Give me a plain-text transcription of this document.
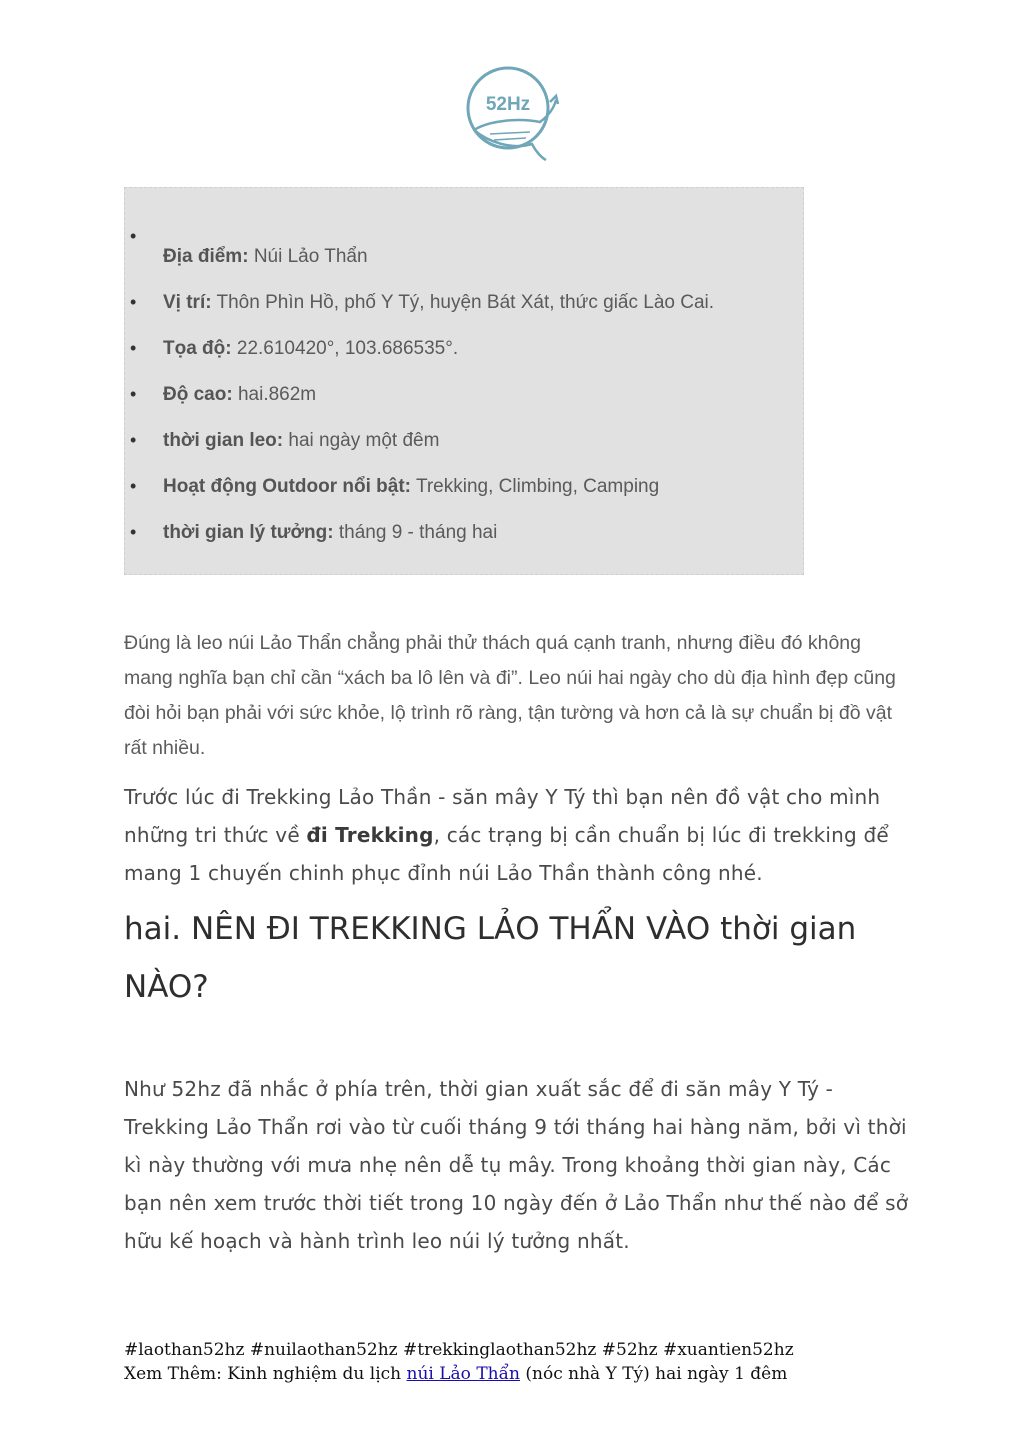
52Hz
•
Địa điểm: Núi Lảo Thẩn
• Vị trí: Thôn Phìn Hồ, phố Y Tý, huyện Bát Xát, thức giấc Lào Cai.
• Tọa độ: 22.610420°, 103.686535°.
• Độ cao: hai.862m
• thời gian leo: hai ngày một đêm
• Hoạt động Outdoor nổi bật: Trekking, Climbing, Camping
• thời gian lý tưởng: tháng 9 - tháng hai

Đúng là leo núi Lảo Thẩn chẳng phải thử thách quá cạnh tranh, nhưng điều đó không mang nghĩa bạn chỉ cần “xách ba lô lên và đi”. Leo núi hai ngày cho dù địa hình đẹp cũng đòi hỏi bạn phải với sức khỏe, lộ trình rõ ràng, tận tường và hơn cả là sự chuẩn bị đồ vật rất nhiều.

Trước lúc đi Trekking Lảo Thần - săn mây Y Tý thì bạn nên đồ vật cho mình những tri thức về đi Trekking, các trạng bị cần chuẩn bị lúc đi trekking để mang 1 chuyến chinh phục đỉnh núi Lảo Thần thành công nhé.

hai. NÊN ĐI TREKKING LẢO THẨN VÀO thời gian NÀO?

Như 52hz đã nhắc ở phía trên, thời gian xuất sắc để đi săn mây Y Tý - Trekking Lảo Thẩn rơi vào từ cuối tháng 9 tới tháng hai hàng năm, bởi vì thời kì này thường với mưa nhẹ nên dễ tụ mây. Trong khoảng thời gian này, Các bạn nên xem trước thời tiết trong 10 ngày đến ở Lảo Thẩn như thế nào để sở hữu kế hoạch và hành trình leo núi lý tưởng nhất.

#laothan52hz #nuilaothan52hz #trekkinglaothan52hz #52hz #xuantien52hz
Xem Thêm: Kinh nghiệm du lịch núi Lảo Thẩn (nóc nhà Y Tý) hai ngày 1 đêm
